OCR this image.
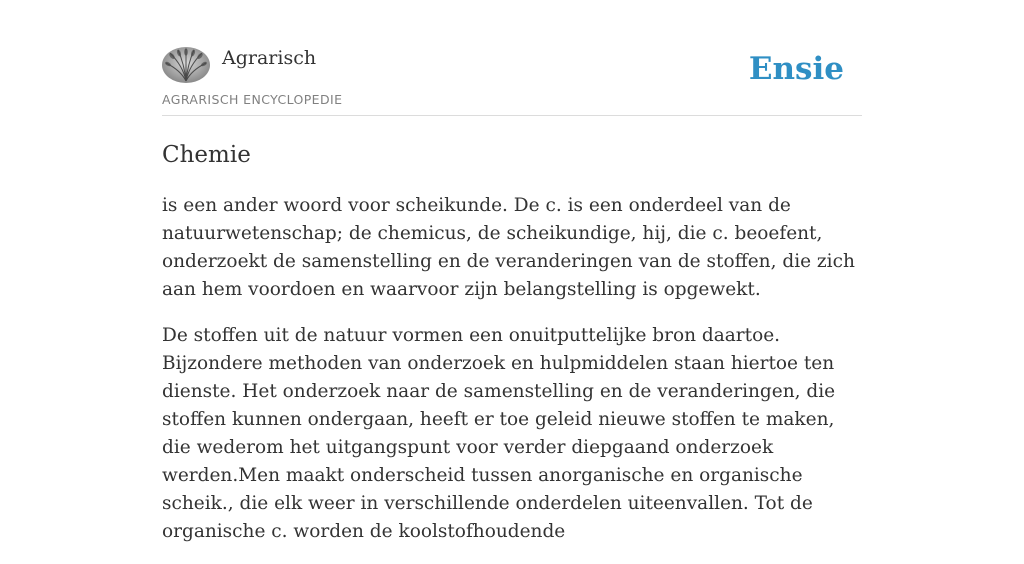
Agrarisch
AGRARISCH ENCYCLOPEDIE
Ensie
Chemie

is een ander woord voor scheikunde. De c. is een onderdeel van de natuurwetenschap; de chemicus, de scheikundige, hij, die c. beoefent, onderzoekt de samenstelling en de veranderingen van de stoffen, die zich aan hem voordoen en waarvoor zijn belangstelling is opgewekt.

De stoffen uit de natuur vormen een onuitputtelijke bron daartoe. Bijzondere methoden van onderzoek en hulpmiddelen staan hiertoe ten dienste. Het onderzoek naar de samenstelling en de veranderingen, die stoffen kunnen ondergaan, heeft er toe geleid nieuwe stoffen te maken, die wederom het uitgangspunt voor verder diepgaand onderzoek werden.Men maakt onderscheid tussen anorganische en organische scheik., die elk weer in verschillende onderdelen uiteenvallen. Tot de organische c. worden de koolstofhoudende
